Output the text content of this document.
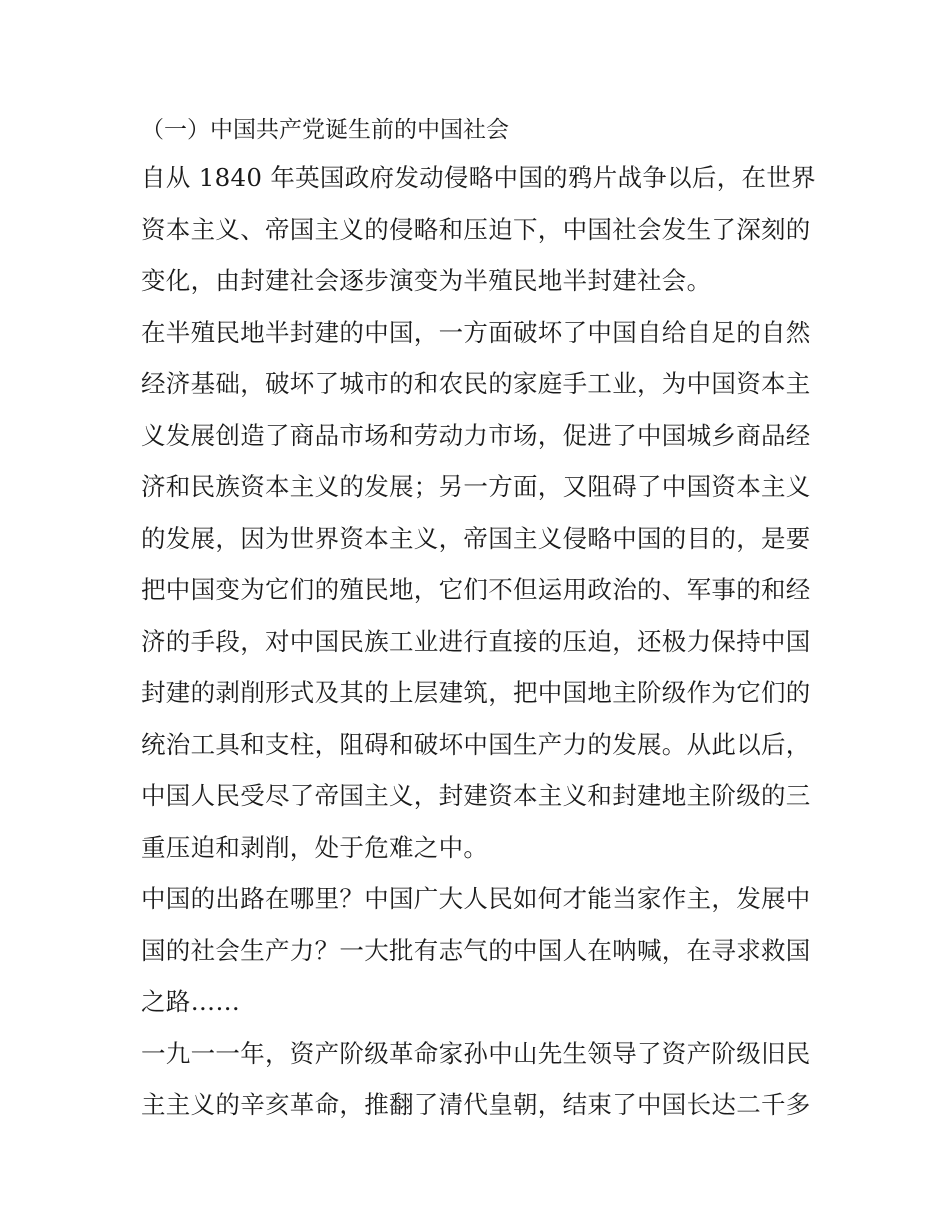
（一）中国共产党诞生前的中国社会
自从 1840 年英国政府发动侵略中国的鸦片战争以后，在世界
资本主义、帝国主义的侵略和压迫下，中国社会发生了深刻的
变化，由封建社会逐步演变为半殖民地半封建社会。
在半殖民地半封建的中国，一方面破坏了中国自给自足的自然
经济基础，破坏了城市的和农民的家庭手工业，为中国资本主
义发展创造了商品市场和劳动力市场，促进了中国城乡商品经
济和民族资本主义的发展；另一方面，又阻碍了中国资本主义
的发展，因为世界资本主义，帝国主义侵略中国的目的，是要
把中国变为它们的殖民地，它们不但运用政治的、军事的和经
济的手段，对中国民族工业进行直接的压迫，还极力保持中国
封建的剥削形式及其的上层建筑，把中国地主阶级作为它们的
统治工具和支柱，阻碍和破坏中国生产力的发展。从此以后，
中国人民受尽了帝国主义，封建资本主义和封建地主阶级的三
重压迫和剥削，处于危难之中。
中国的出路在哪里？中国广大人民如何才能当家作主，发展中
国的社会生产力？一大批有志气的中国人在呐喊，在寻求救国
之路……
一九一一年，资产阶级革命家孙中山先生领导了资产阶级旧民
主主义的辛亥革命，推翻了清代皇朝，结束了中国长达二千多
